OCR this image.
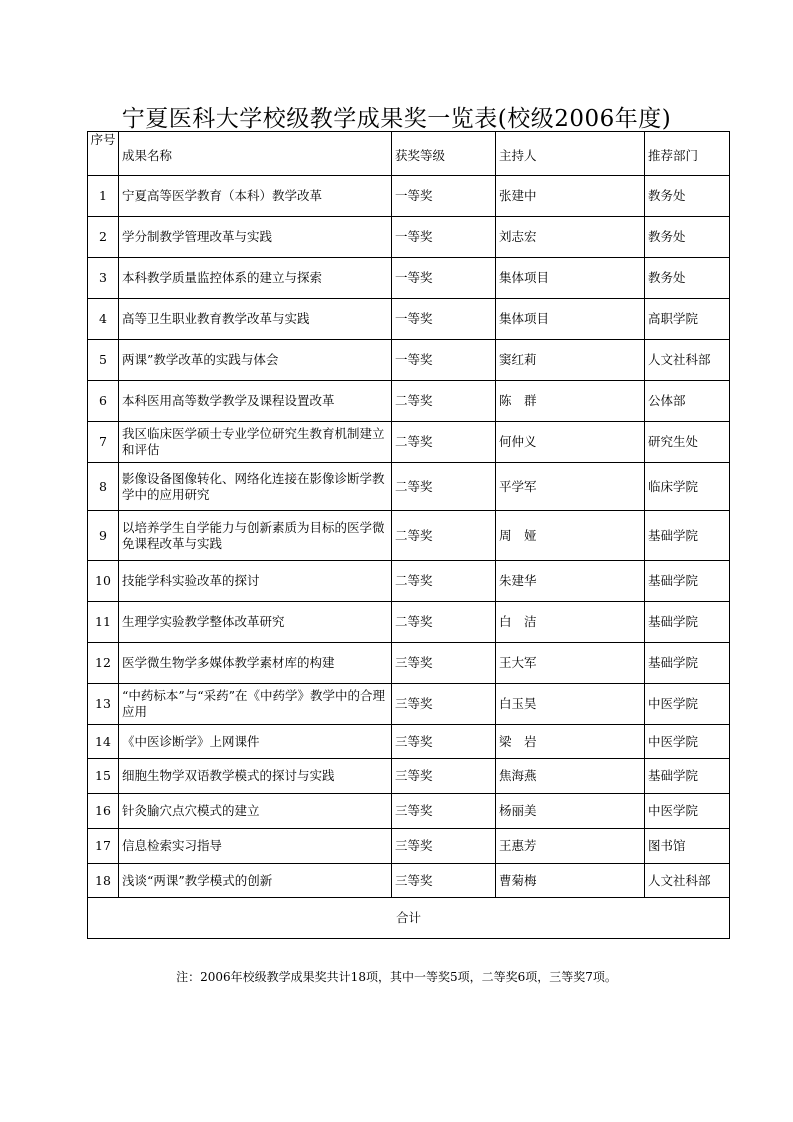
宁夏医科大学校级教学成果奖一览表(校级2006年度)
序号	成果名称	获奖等级	主持人	推荐部门
1	宁夏高等医学教育（本科）教学改革	一等奖	张建中	教务处
2	学分制教学管理改革与实践	一等奖	刘志宏	教务处
3	本科教学质量监控体系的建立与探索	一等奖	集体项目	教务处
4	高等卫生职业教育教学改革与实践	一等奖	集体项目	高职学院
5	两课”教学改革的实践与体会	一等奖	窦红莉	人文社科部
6	本科医用高等数学教学及课程设置改革	二等奖	陈　群	公体部
7	我区临床医学硕士专业学位研究生教育机制建立和评估	二等奖	何仲义	研究生处
8	影像设备图像转化、网络化连接在影像诊断学教学中的应用研究	二等奖	平学军	临床学院
9	以培养学生自学能力与创新素质为目标的医学微免课程改革与实践	二等奖	周　娅	基础学院
10	技能学科实验改革的探讨	二等奖	朱建华	基础学院
11	生理学实验教学整体改革研究	二等奖	白　洁	基础学院
12	医学微生物学多媒体教学素材库的构建	三等奖	王大军	基础学院
13	“中药标本”与“采药”在《中药学》教学中的合理应用	三等奖	白玉昊	中医学院
14	《中医诊断学》上网课件	三等奖	梁　岩	中医学院
15	细胞生物学双语教学模式的探讨与实践	三等奖	焦海燕	基础学院
16	针灸腧穴点穴模式的建立	三等奖	杨丽美	中医学院
17	信息检索实习指导	三等奖	王惠芳	图书馆
18	浅谈“两课”教学模式的创新	三等奖	曹菊梅	人文社科部
合计				
注：2006年校级教学成果奖共计18项，其中一等奖5项，二等奖6项，三等奖7项。
